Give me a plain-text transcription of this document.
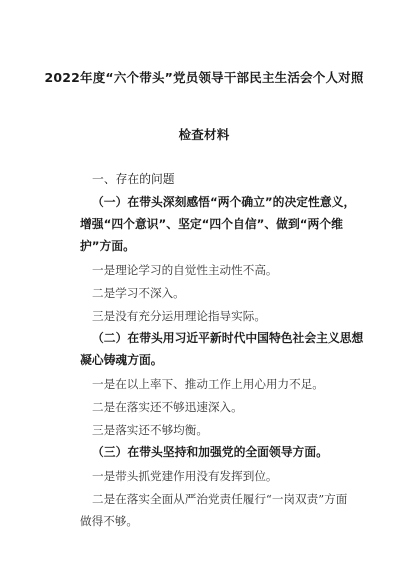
2022年度“六个带头”党员领导干部民主生活会个人对照
检查材料
一、存在的问题
（一）在带头深刻感悟“两个确立”的决定性意义，
增强“四个意识”、坚定“四个自信”、做到“两个维
护”方面。
一是理论学习的自觉性主动性不高。
二是学习不深入。
三是没有充分运用理论指导实际。
（二）在带头用习近平新时代中国特色社会主义思想
凝心铸魂方面。
一是在以上率下、推动工作上用心用力不足。
二是在落实还不够迅速深入。
三是落实还不够均衡。
（三）在带头坚持和加强党的全面领导方面。
一是带头抓党建作用没有发挥到位。
二是在落实全面从严治党责任履行“一岗双责”方面
做得不够。
